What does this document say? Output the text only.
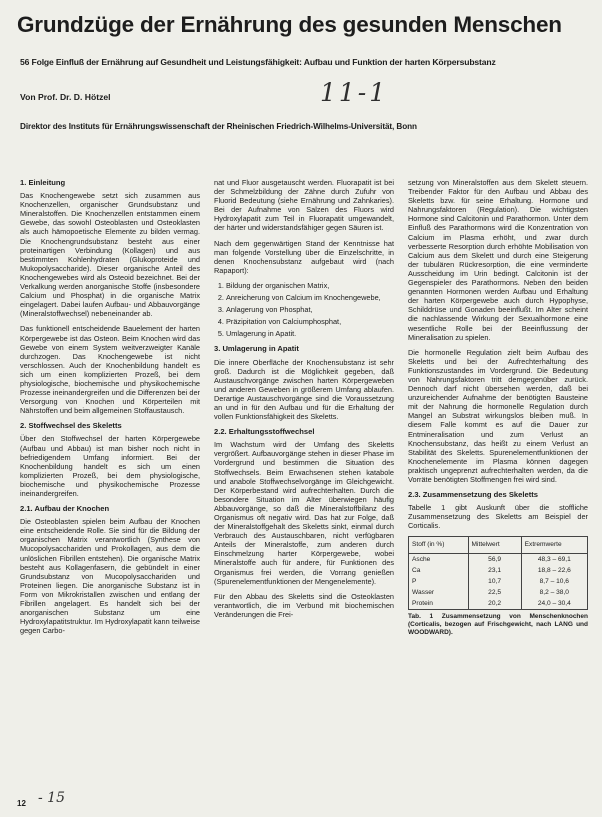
Grundzüge der Ernährung des gesunden Menschen
56 Folge Einfluß der Ernährung auf Gesundheit und Leistungsfähigkeit: Aufbau und Funktion der harten Körpersubstanz
Von Prof. Dr. D. Hötzel	11-1
Direktor des Instituts für Ernährungswissenschaft der Rheinischen Friedrich-Wilhelms-Universität, Bonn
1. Einleitung

Das Knochengewebe setzt sich zusammen aus Knochenzellen, organischer Grundsubstanz und Mineralstoffen. Die Knochenzellen entstammen einem Gewebe, das sowohl Osteoblasten und Osteoklasten als auch hämopoetische Elemente zu bilden vermag. Die Knochengrundsubstanz besteht aus einer proteinartigen Verbindung (Kollagen) und aus bestimmten Kohlenhydraten (Glukoproteide und Mukopolysaccharide). Dieser organische Anteil des Knochengewebes wird als Osteoid bezeichnet. Bei der Verkalkung werden anorganische Stoffe (insbesondere Calcium und Phosphat) in die organische Matrix eingelagert. Dabei laufen Aufbau- und Abbauvorgänge (Mineralstoffwechsel) nebeneinander ab.

Das funktionell entscheidende Bauelement der harten Körpergewebe ist das Osteon. Beim Knochen wird das Gewebe von einem System weitverzweigter Kanäle durchzogen. Das Knochengewebe ist nicht verschlossen. Auch der Knochenbildung handelt es sich um einen komplizierten Prozeß, bei dem physiologische, biochemische und physikochemische Prozesse ineinandergreifen und die Differenzen bei der Versorgung von Knochen und Körperteilen mit Nährstoffen und beim allgemeinen Stoffaustausch.

2. Stoffwechsel des Skeletts

Über den Stoffwechsel der harten Körpergewebe (Aufbau und Abbau) ist man bisher noch nicht in befriedigendem Umfang informiert. Bei der Knochenbildung handelt es sich um einen komplizierten Prozeß, bei dem physiologische, biochemische und physikochemische Prozesse ineinandergreifen.

2.1. Aufbau der Knochen

Die Osteoblasten spielen beim Aufbau der Knochen eine entscheidende Rolle. Sie sind für die Bildung der organischen Matrix verantwortlich (Synthese von Mucopolysacchariden und Prokollagen, aus dem die unlöslichen Fibrillen entstehen). Die organische Matrix besteht aus Kollagenfasern, die gebündelt in einer Grundsubstanz von Mucopolysacchariden und Proteinen liegen. Die anorganische Substanz ist in Form von Mikrokristallen zwischen und entlang der Fibrillen angelagert. Es handelt sich bei der anorganischen Substanz um eine Hydroxylapatitstruktur. Im Hydroxylapatit kann teilweise gegen Carbo-

nat und Fluor ausgetauscht werden. Fluorapatit ist bei der Schmelzbildung der Zähne durch Zufuhr von Fluorid Bedeutung (siehe Ernährung und Zahnkaries). Bei der Aufnahme von Salzen des Fluors wird Hydroxylapatit zum Teil in Fluorapatit umgewandelt, der härter und widerstandsfähiger gegen Säuren ist.

Nach dem gegenwärtigen Stand der Kenntnisse hat man folgende Vorstellung über die Einzelschritte, in denen Knochensubstanz aufgebaut wird (nach Rapaport):

1. Bildung der organischen Matrix,
2. Anreicherung von Calcium im Knochengewebe,
3. Anlagerung von Phosphat,
4. Präzipitation von Calciumphosphat,
5. Umlagerung in Apatit.
3. Umlagerung in Apatit

Die innere Oberfläche der Knochensubstanz ist sehr groß. Dadurch ist die Möglichkeit gegeben, daß Austauschvorgänge zwischen harten Körpergeweben und anderen Geweben in größerem Umfang ablaufen. Derartige Austauschvorgänge sind die Voraussetzung an und in für den Aufbau und für die Erhaltung der vollen Funktionsfähigkeit des Skeletts.

2.2. Erhaltungsstoffwechsel

Im Wachstum wird der Umfang des Skeletts vergrößert. Aufbauvorgänge stehen in dieser Phase im Vordergrund und bestimmen die Situation des Stoffwechsels. Beim Erwachsenen stehen katabole und anabole Stoffwechselvorgänge im Gleichgewicht. Der Körperbestand wird aufrechterhalten. Durch die besondere Situation im Alter überwiegen häufig Abbauvorgänge, so daß die Mineralstoffbilanz des Organismus oft negativ wird. Das hat zur Folge, daß der Mineralstoffgehalt des Skeletts sinkt, einmal durch Verbrauch des Austauschbaren, nicht verfügbaren Anteils der Mineralstoffe, zum anderen durch Einschmelzung harter Körpergewebe, wobei Mineralstoffe auch für andere, für Funktionen des Organismus frei werden, die Vorrang genießen (Spurenelementfunktionen der Mengenelemente).

Für den Abbau des Skeletts sind die Osteoklasten verantwortlich, die im Verbund mit biochemischen Veränderungen die Frei-

setzung von Mineralstoffen aus dem Skelett steuern. Treibender Faktor für den Aufbau und Abbau des Skeletts bzw. für seine Erhaltung. Hormone und Nahrungsfaktoren (Regulation). Die wichtigsten Hormone sind Calcitonin und Parathormon. Unter dem Einfluß des Parathormons wird die Konzentration von Calcium im Plasma erhöht, und zwar durch verbesserte Resorption durch erhöhte Mobilisation von Calcium aus dem Skelett und durch eine Steigerung der tubulären Rückresorption, die eine verminderte Ausscheidung im Urin bedingt. Calcitonin ist der Gegenspieler des Parathormons. Neben den beiden genannten Hormonen werden Aufbau und Erhaltung der harten Körpergewebe auch durch Hypophyse, Schilddrüse und Gonaden beeinflußt. Im Alter scheint die nachlassende Wirkung der Sexualhormone eine wesentliche Rolle bei der Beeinflussung der Mineralisation zu spielen.

Die hormonelle Regulation zielt beim Aufbau des Skeletts und bei der Aufrechterhaltung des Funktionszustandes im Vordergrund. Die Bedeutung von Nahrungsfaktoren tritt demgegenüber zurück. Dennoch darf nicht übersehen werden, daß bei unzureichender Aufnahme der benötigten Bausteine mit der Nahrung die hormonelle Regulation durch Mangel an Substrat wirkungslos bleiben muß. In diesem Falle kommt es auf die Dauer zur Entmineralisation und zum Verlust an Knochensubstanz, das heißt zu einem Verlust an Stabilität des Skeletts. Spurenelementfunktionen der Knochenelemente im Plasma können dagegen praktisch ungeprenzt aufrechterhalten werden, da die Vorräte benötigten Stoffmengen frei wird sind.

2.3. Zusammensetzung des Skeletts

Tabelle 1 gibt Auskunft über die stoffliche Zusammensetzung des Skeletts am Beispiel der Corticalis.

Stoff (in %)	Mittelwert	Extremwerte
Asche	56,9	48,3 – 69,1
Ca	23,1	18,8 – 22,6
P	10,7	8,7 – 10,6
Wasser	22,5	8,2 – 38,0
Protein	20,2	24,0 – 30,4

Tab. 1 Zusammensetzung von Menschenknochen (Corticalis, bezogen auf Frischgewicht, nach LANG und WOODWARD).

12 - 15
